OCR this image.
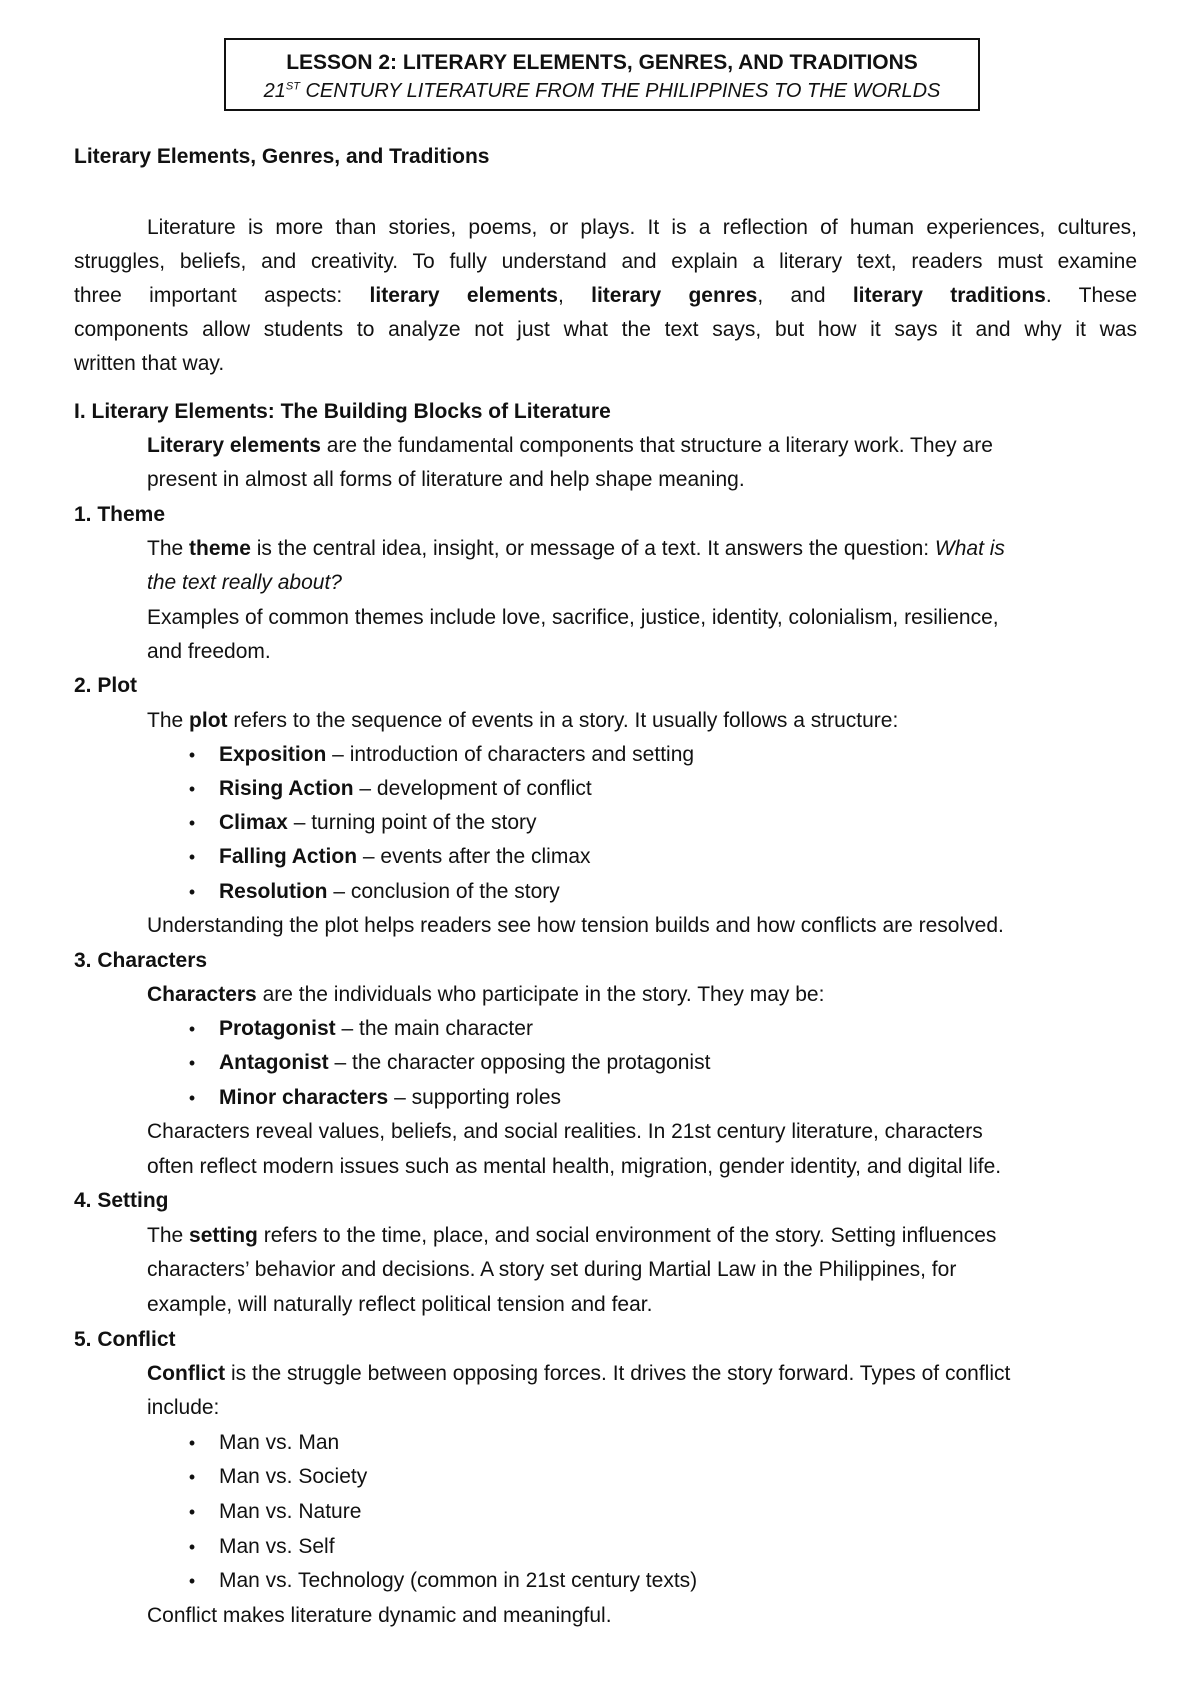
LESSON 2: LITERARY ELEMENTS, GENRES, AND TRADITIONS
21ST CENTURY LITERATURE FROM THE PHILIPPINES TO THE WORLDS
Literary Elements, Genres, and Traditions
Literature is more than stories, poems, or plays. It is a reflection of human experiences, cultures,
struggles, beliefs, and creativity. To fully understand and explain a literary text, readers must examine
three important aspects: literary elements, literary genres, and literary traditions. These
components allow students to analyze not just what the text says, but how it says it and why it was
written that way.
I. Literary Elements: The Building Blocks of Literature
Literary elements are the fundamental components that structure a literary work. They are
present in almost all forms of literature and help shape meaning.
1. Theme
The theme is the central idea, insight, or message of a text. It answers the question: What is
the text really about?
Examples of common themes include love, sacrifice, justice, identity, colonialism, resilience,
and freedom.
2. Plot
The plot refers to the sequence of events in a story. It usually follows a structure:
•	Exposition – introduction of characters and setting
•	Rising Action – development of conflict
•	Climax – turning point of the story
•	Falling Action – events after the climax
•	Resolution – conclusion of the story
Understanding the plot helps readers see how tension builds and how conflicts are resolved.
3. Characters
Characters are the individuals who participate in the story. They may be:
•	Protagonist – the main character
•	Antagonist – the character opposing the protagonist
•	Minor characters – supporting roles
Characters reveal values, beliefs, and social realities. In 21st century literature, characters
often reflect modern issues such as mental health, migration, gender identity, and digital life.
4. Setting
The setting refers to the time, place, and social environment of the story. Setting influences
characters’ behavior and decisions. A story set during Martial Law in the Philippines, for
example, will naturally reflect political tension and fear.
5. Conflict
Conflict is the struggle between opposing forces. It drives the story forward. Types of conflict
include:
•	Man vs. Man
•	Man vs. Society
•	Man vs. Nature
•	Man vs. Self
•	Man vs. Technology (common in 21st century texts)
Conflict makes literature dynamic and meaningful.
